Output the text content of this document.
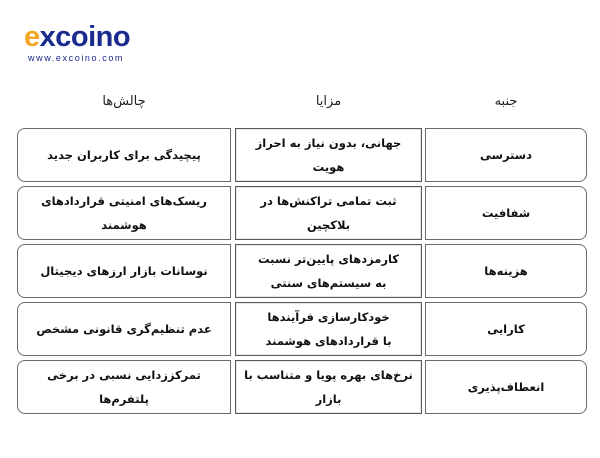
excoino
www.excoino.com
چالش‌ها	مزایا	جنبه
پیچیدگی برای کاربران جدید
جهانی، بدون نیاز به احراز هویت
دسترسی
ریسک‌های امنیتی قراردادهای هوشمند
ثبت تمامی تراکنش‌ها در بلاکچین
شفافیت
نوسانات بازار ارزهای دیجیتال
کارمزدهای پایین‌تر نسبت
به سیستم‌های سنتی
هزینه‌ها
عدم تنظیم‌گری قانونی مشخص
خودکارسازی فرآیندها
با قراردادهای هوشمند
کارایی
تمرکززدایی نسبی در برخی پلتفرم‌ها
نرخ‌های بهره پویا و متناسب با بازار
انعطاف‌پذیری
